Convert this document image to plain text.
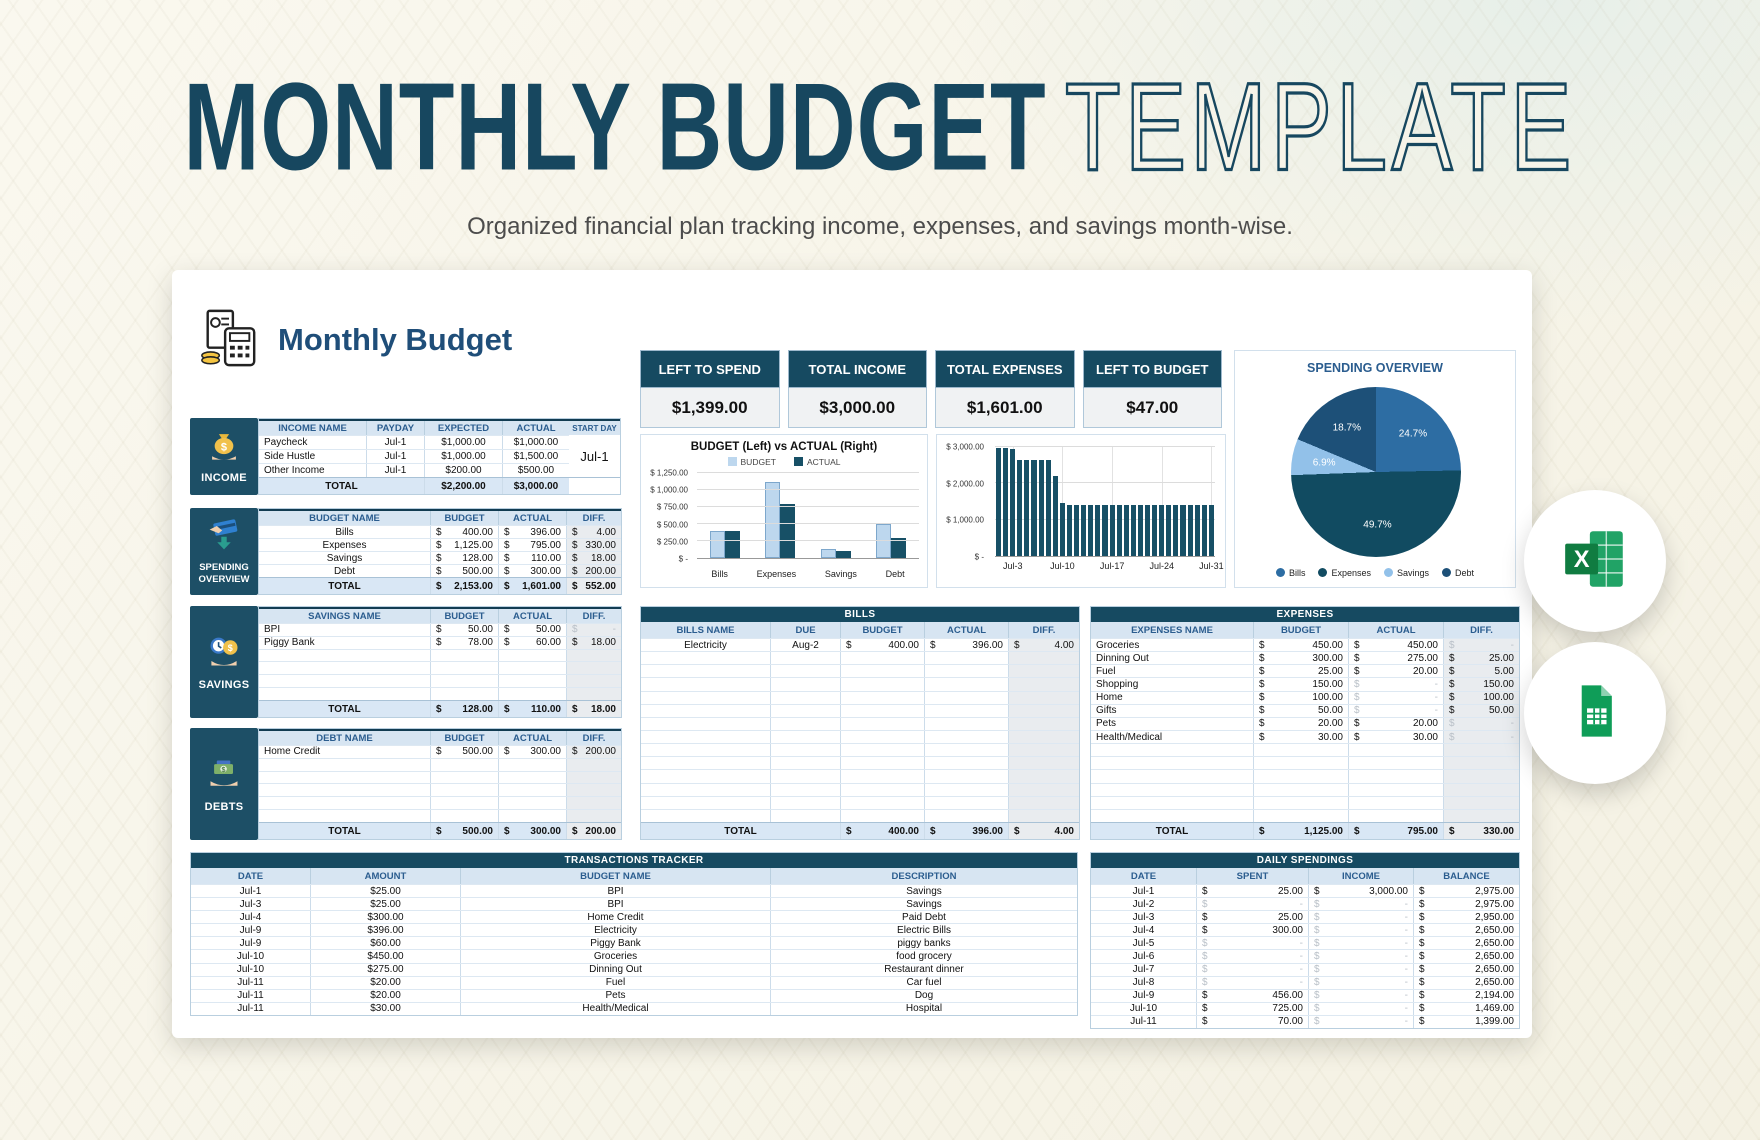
MONTHLY BUDGET TEMPLATE
Organized financial plan tracking income, expenses, and savings month-wise.
Monthly Budget
$
INCOME
SPENDING
OVERVIEW
$
SAVINGS
$
DEBTS
INCOME NAME	PAYDAY	EXPECTED	ACTUAL
Paycheck	Jul-1	$1,000.00	$1,000.00
Side Hustle	Jul-1	$1,000.00	$1,500.00
Other Income	Jul-1	$200.00	$500.00
TOTAL	$2,200.00	$3,000.00
START DAY
Jul-1
BUDGET NAME	BUDGET	ACTUAL	DIFF.
Bills	$ 400.00 $ 396.00 $ 4.00
Expenses	$ 1,125.00 $ 795.00 $ 330.00
Savings	$ 128.00 $ 110.00 $ 18.00
Debt	$ 500.00 $ 300.00 $ 200.00
TOTAL	$ 2,153.00 $ 1,601.00 $ 552.00
SAVINGS NAME	BUDGET	ACTUAL	DIFF.
BPI	$	50.00 $	50.00 $	-
Piggy Bank	$	78.00 $	60.00 $ 18.00
TOTAL	$ 128.00 $ 110.00 $ 18.00
DEBT NAME	BUDGET	ACTUAL	DIFF.
Home Credit	$ 500.00 $ 300.00 $ 200.00
TOTAL	$ 500.00 $ 300.00 $ 200.00
BILLS
BILLS NAME	DUE	BUDGET	ACTUAL	DIFF.
Electricity	Aug-2	$	400.00 $	396.00 $	4.00
TOTAL	$	400.00 $	396.00 $	4.00
EXPENSES
EXPENSES NAME	BUDGET	ACTUAL	DIFF.
Groceries	$	450.00 $	450.00 $	-
Dinning Out	$	300.00 $	275.00 $	25.00
Fuel	$	25.00 $	20.00 $	5.00
Shopping	$	150.00 $	- $	150.00
Home	$	100.00 $	- $	100.00
Gifts	$	50.00 $	- $	50.00
Pets	$	20.00 $	20.00 $	-
Health/Medical	$	30.00 $	30.00 $	-
TOTAL	$	1,125.00 $	795.00 $	330.00
TRANSACTIONS TRACKER
DATE	AMOUNT	BUDGET NAME	DESCRIPTION
Jul-1	$25.00	BPI	Savings
Jul-3	$25.00	BPI	Savings
Jul-4	$300.00	Home Credit	Paid Debt
Jul-9	$396.00	Electricity	Electric Bills
Jul-9	$60.00	Piggy Bank	piggy banks
Jul-10	$450.00	Groceries	food grocery
Jul-10	$275.00	Dinning Out	Restaurant dinner
Jul-11	$20.00	Fuel	Car fuel
Jul-11	$20.00	Pets	Dog
Jul-11	$30.00	Health/Medical	Hospital
DAILY SPENDINGS
DATE	SPENT	INCOME	BALANCE
Jul-1	$	25.00 $	3,000.00 $	2,975.00
Jul-2	$	- $	- $	2,975.00
Jul-3	$	25.00 $	- $	2,950.00
Jul-4	$	300.00 $	- $	2,650.00
Jul-5	$	- $	- $	2,650.00
Jul-6	$	- $	- $	2,650.00
Jul-7	$	- $	- $	2,650.00
Jul-8	$	- $	- $	2,650.00
Jul-9	$	456.00 $	- $	2,194.00
Jul-10	$	725.00 $	- $	1,469.00
Jul-11	$	70.00 $	- $	1,399.00
LEFT TO SPEND
$1,399.00
TOTAL INCOME
$3,000.00
TOTAL EXPENSES
$1,601.00
LEFT TO BUDGET
$47.00
BUDGET (Left) vs ACTUAL (Right)
BUDGET	ACTUAL
$ 1,250.00
$ 1,000.00
$ 750.00
$ 500.00
$ 250.00
$ -
Bills	Expenses	Savings	Debt
$ 3,000.00
$ 2,000.00
$ 1,000.00
$ -
Jul-3	Jul-10	Jul-17	Jul-24	Jul-31
SPENDING OVERVIEW
24.7%
49.7%
6.9%
18.7%
Bills	Expenses	Savings	Debt
X
